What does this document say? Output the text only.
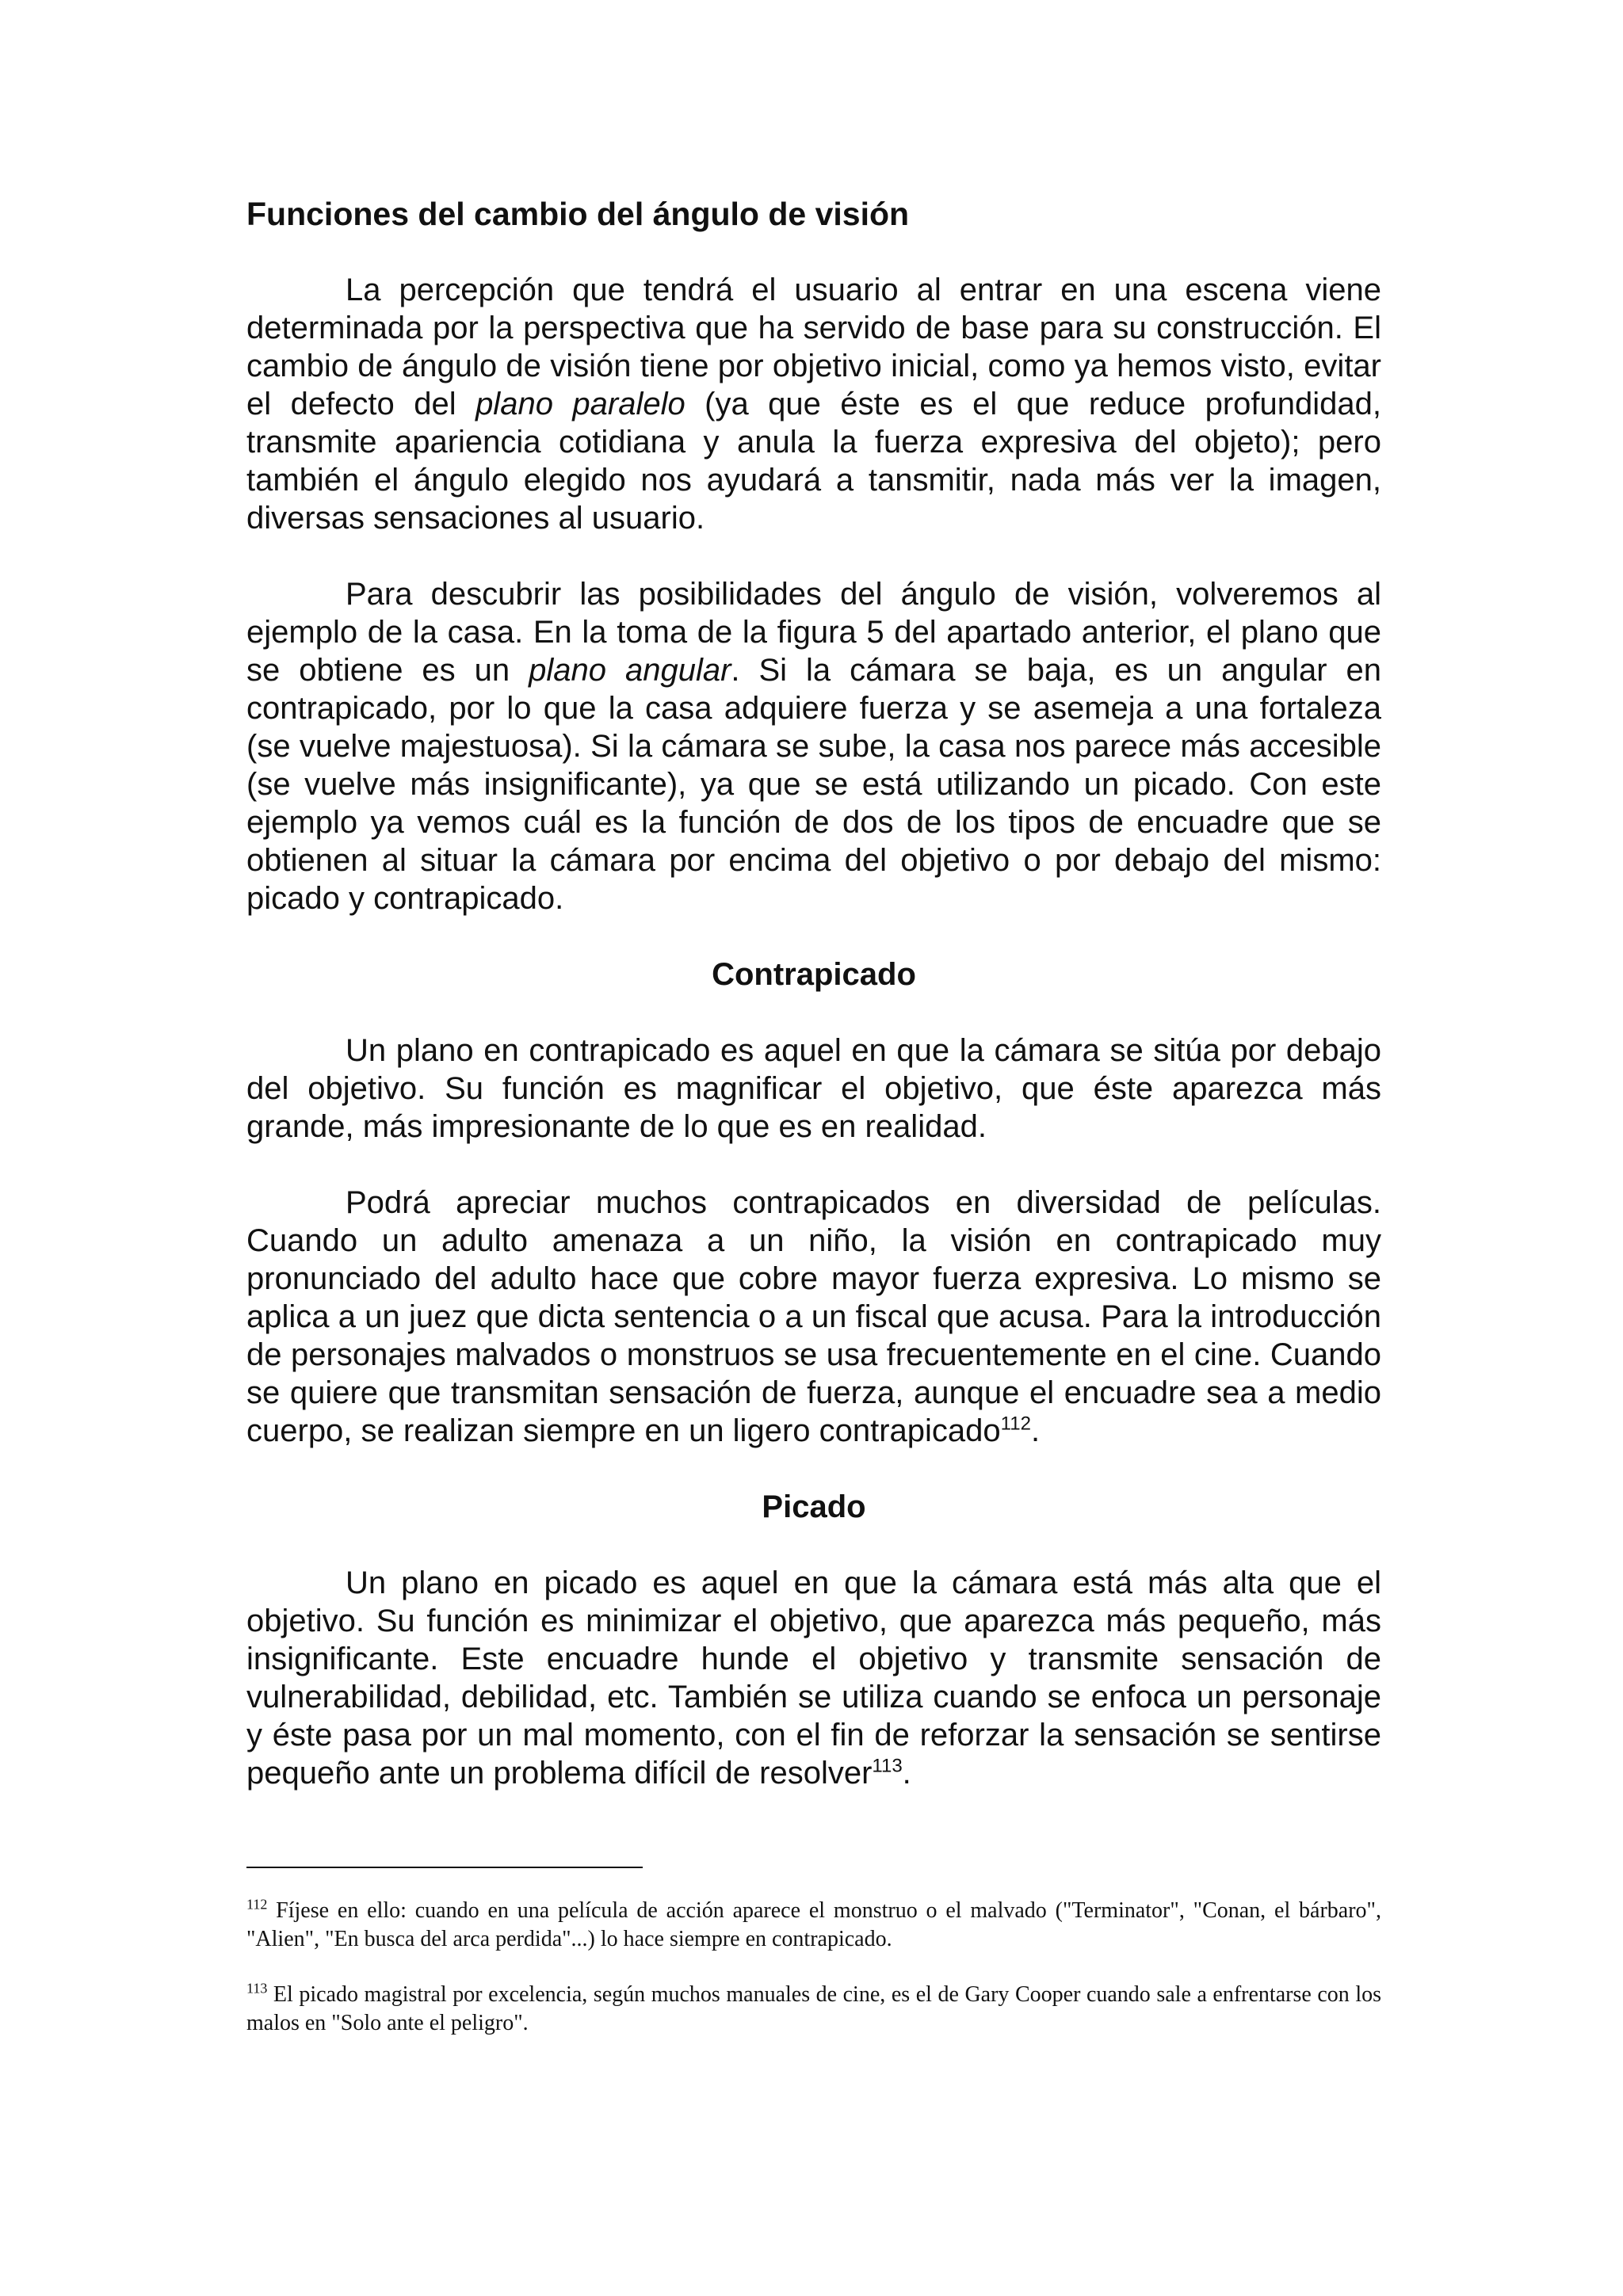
Funciones del cambio del ángulo de visión

La percepción que tendrá el usuario al entrar en una escena viene determinada por la perspectiva que ha servido de base para su construcción. El cambio de ángulo de visión tiene por objetivo inicial, como ya hemos visto, evitar el defecto del plano paralelo (ya que éste es el que reduce profundidad, transmite apariencia cotidiana y anula la fuerza expresiva del objeto); pero también el ángulo elegido nos ayudará a tansmitir, nada más ver la imagen, diversas sensaciones al usuario.

Para descubrir las posibilidades del ángulo de visión, volveremos al ejemplo de la casa. En la toma de la figura 5 del apartado anterior, el plano que se obtiene es un plano angular. Si la cámara se baja, es un angular en contrapicado, por lo que la casa adquiere fuerza y se asemeja a una fortaleza (se vuelve majestuosa). Si la cámara se sube, la casa nos parece más accesible (se vuelve más insignificante), ya que se está utilizando un picado. Con este ejemplo ya vemos cuál es la función de dos de los tipos de encuadre que se obtienen al situar la cámara por encima del objetivo o por debajo del mismo: picado y contrapicado.

Contrapicado

Un plano en contrapicado es aquel en que la cámara se sitúa por debajo del objetivo. Su función es magnificar el objetivo, que éste aparezca más grande, más impresionante de lo que es en realidad.

Podrá apreciar muchos contrapicados en diversidad de películas. Cuando un adulto amenaza a un niño, la visión en contrapicado muy pronunciado del adulto hace que cobre mayor fuerza expresiva. Lo mismo se aplica a un juez que dicta sentencia o a un fiscal que acusa. Para la introducción de personajes malvados o monstruos se usa frecuentemente en el cine. Cuando se quiere que transmitan sensación de fuerza, aunque el encuadre sea a medio cuerpo, se realizan siempre en un ligero contrapicado$^{112}$.

Picado

Un plano en picado es aquel en que la cámara está más alta que el objetivo. Su función es minimizar el objetivo, que aparezca más pequeño, más insignificante. Este encuadre hunde el objetivo y transmite sensación de vulnerabilidad, debilidad, etc. También se utiliza cuando se enfoca un personaje y éste pasa por un mal momento, con el fin de reforzar la sensación se sentirse pequeño ante un problema difícil de resolver$^{113}$.

$^{112}$ Fíjese en ello: cuando en una película de acción aparece el monstruo o el malvado ("Terminator", "Conan, el bárbaro", "Alien", "En busca del arca perdida"...) lo hace siempre en contrapicado.
$^{113}$ El picado magistral por excelencia, según muchos manuales de cine, es el de Gary Cooper cuando sale a enfrentarse con los malos en "Solo ante el peligro".
